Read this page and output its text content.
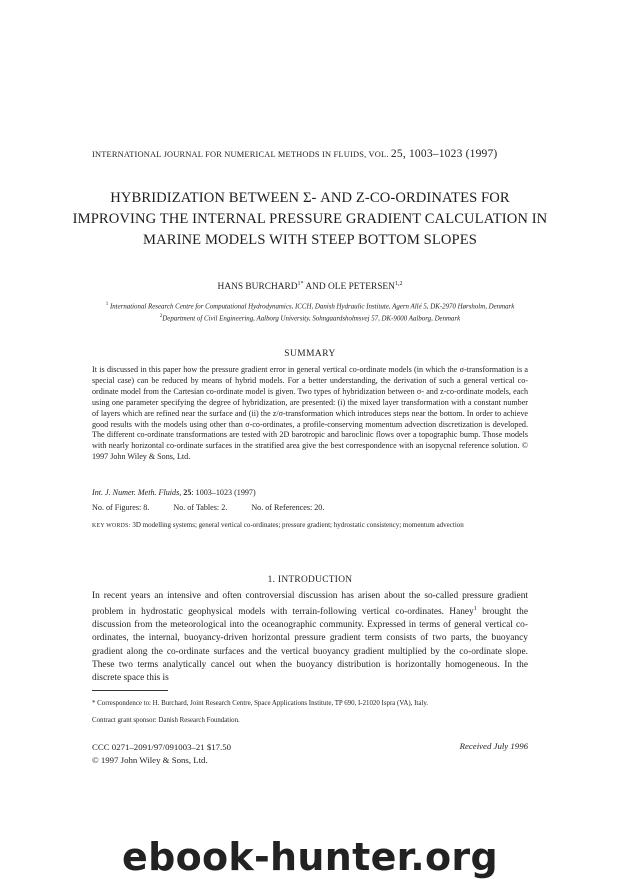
INTERNATIONAL JOURNAL FOR NUMERICAL METHODS IN FLUIDS, VOL. 25, 1003–1023 (1997)
HYBRIDIZATION BETWEEN Σ- AND Z-CO-ORDINATES FOR IMPROVING THE INTERNAL PRESSURE GRADIENT CALCULATION IN MARINE MODELS WITH STEEP BOTTOM SLOPES
HANS $BURCHARD^{1*}$ AND OLE PETERSEN$^{1,2}$
$^1$ International Research Centre for Computational Hydrodynamics, ICCH, Danish Hydraulic Institute, Agern Allé 5, DK-2970 Hørsholm, Denmark
$^2$Department of Civil Engineering, Aalborg University, Sohngaardsholmsvej 57, DK-9000 Aalborg, Denmark
SUMMARY
It is discussed in this paper how the pressure gradient error in general vertical co-ordinate models (in which the σ-transformation is a special case) can be reduced by means of hybrid models. For a better understanding, the derivation of such a general vertical co-ordinate model from the Cartesian co-ordinate model is given. Two types of hybridization between σ- and z-co-ordinate models, each using one parameter specifying the degree of hybridization, are presented: (i) the mixed layer transformation with a constant number of layers which are refined near the surface and (ii) the z/σ-transformation which introduces steps near the bottom. In order to achieve good results with the models using other than σ-co-ordinates, a profile-conserving momentum advection discretization is developed. The different co-ordinate transformations are tested with 2D barotropic and baroclinic flows over a topographic bump. Those models with nearly horizontal co-ordinate surfaces in the stratified area give the best correspondence with an isopycnal reference solution. © 1997 John Wiley & Sons, Ltd.
Int. J. Numer. Meth. Fluids, 25: 1003–1023 (1997)
No. of Figures: 8.	No. of Tables: 2.	No. of References: 20.
KEY WORDS: 3D modelling systems; general vertical co-ordinates; pressure gradient; hydrostatic consistency; momentum advection
1. INTRODUCTION
In recent years an intensive and often controversial discussion has arisen about the so-called pressure gradient problem in hydrostatic geophysical models with terrain-following vertical co-ordinates. Haney$^1$ brought the discussion from the meteorological into the oceanographic community. Expressed in terms of general vertical co-ordinates, the internal, buoyancy-driven horizontal pressure gradient term consists of two parts, the buoyancy gradient along the co-ordinate surfaces and the vertical buoyancy gradient multiplied by the co-ordinate slope. These two terms analytically cancel out when the buoyancy distribution is horizontally homogeneous. In the discrete space this is
* Correspondence to: H. Burchard, Joint Research Centre, Space Applications Institute, TP 690, I-21020 Ispra (VA), Italy.
Contract grant sponsor: Danish Research Foundation.
CCC 0271–2091/97/091003–21 $17.50
© 1997 John Wiley & Sons, Ltd.
Received July 1996
ebook-hunter.org
